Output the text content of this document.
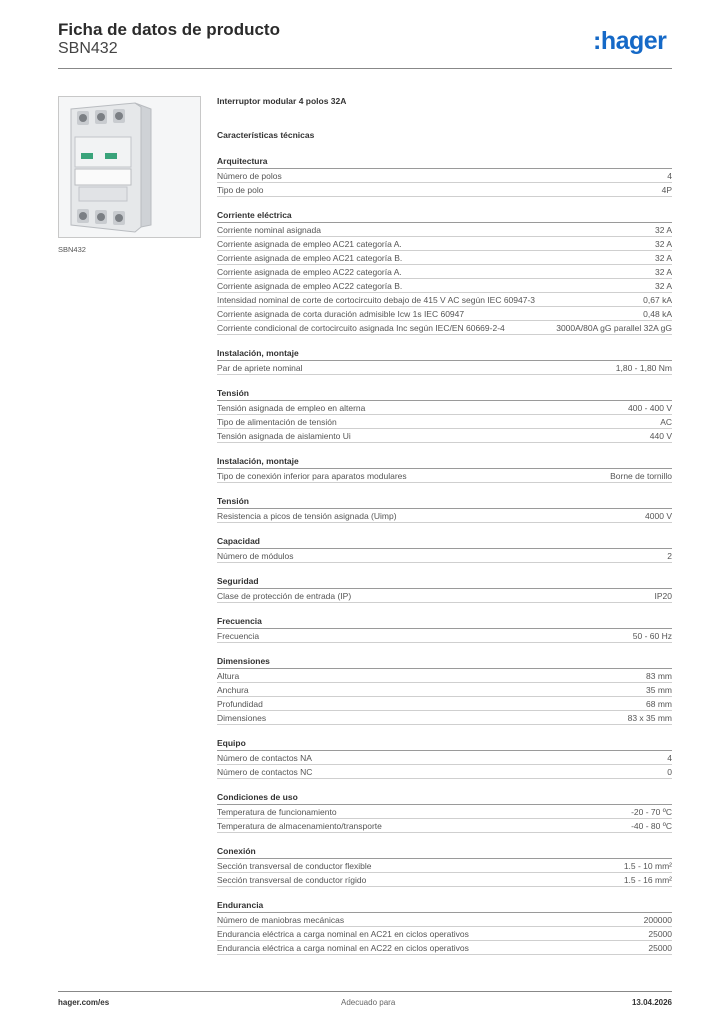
Ficha de datos de producto
SBN432	:hager
SBN432
Interruptor modular 4 polos 32A
Características técnicas
Arquitectura
Número de polos	4
Tipo de polo	4P
Corriente eléctrica
Corriente nominal asignada	32 A
Corriente asignada de empleo AC21 categoría A.	32 A
Corriente asignada de empleo AC21 categoría B.	32 A
Corriente asignada de empleo AC22 categoría A.	32 A
Corriente asignada de empleo AC22 categoría B.	32 A
Intensidad nominal de corte de cortocircuito debajo de 415 V AC según IEC 60947-3	0,67 kA
Corriente asignada de corta duración admisible Icw 1s IEC 60947	0,48 kA
Corriente condicional de cortocircuito asignada Inc según IEC/EN 60669-2-4	3000A/80A gG parallel 32A gG
Instalación, montaje
Par de apriete nominal	1,80 - 1,80 Nm
Tensión
Tensión asignada de empleo en alterna	400 - 400 V
Tipo de alimentación de tensión	AC
Tensión asignada de aislamiento Ui	440 V
Instalación, montaje
Tipo de conexión inferior para aparatos modulares	Borne de tornillo
Tensión
Resistencia a picos de tensión asignada (Uimp)	4000 V
Capacidad
Número de módulos	2
Seguridad
Clase de protección de entrada (IP)	IP20
Frecuencia
Frecuencia	50 - 60 Hz
Dimensiones
Altura	83 mm
Anchura	35 mm
Profundidad	68 mm
Dimensiones	83 x 35 mm
Equipo
Número de contactos NA	4
Número de contactos NC	0
Condiciones de uso
Temperatura de funcionamiento	-20 - 70 ºC
Temperatura de almacenamiento/transporte	-40 - 80 ºC
Conexión
Sección transversal de conductor flexible	1.5 - 10 mm²
Sección transversal de conductor rígido	1.5 - 16 mm²
Endurancia
Número de maniobras mecánicas	200000
Endurancia eléctrica a carga nominal en AC21 en ciclos operativos	25000
Endurancia eléctrica a carga nominal en AC22 en ciclos operativos	25000
hager.com/es	Adecuado para	13.04.2026
